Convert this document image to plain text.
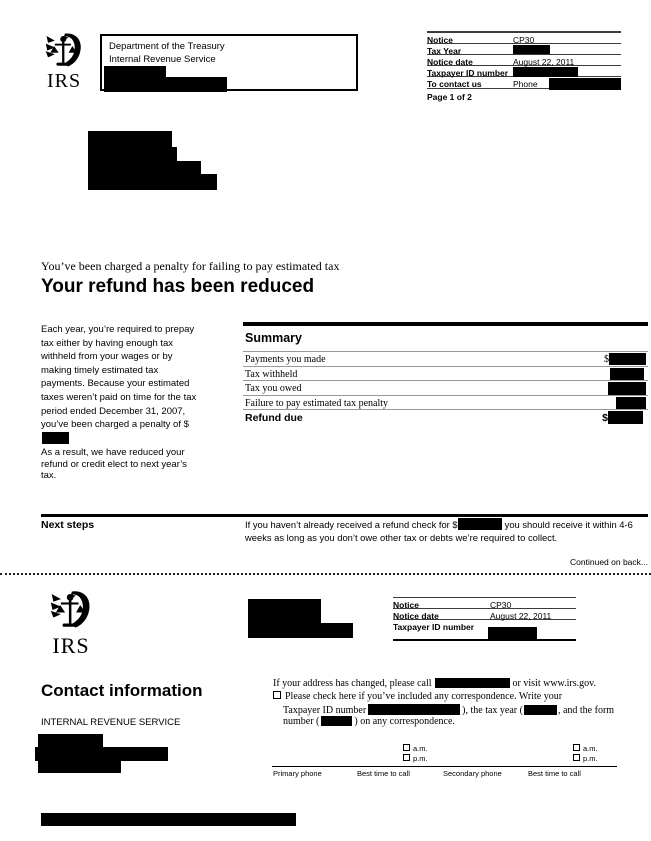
IRS
Department of the Treasury
Internal Revenue Service
Notice	CP30
Tax Year
Notice date	August 22, 2011
Taxpayer ID number
To contact us	Phone
Page 1 of 2
You’ve been charged a penalty for failing to pay estimated tax
Your refund has been reduced
Each year, you’re required to prepay tax either by having enough tax withheld from your wages or by making timely estimated tax payments. Because your estimated taxes weren’t paid on time for the tax period ended December 31, 2007, you’ve been charged a penalty of $
As a result, we have reduced your refund or credit elect to next year’s tax.
Summary
Payments you made	$
Tax withheld
Tax you owed
Failure to pay estimated tax penalty
Refund due	$
Next steps	If you haven’t already received a refund check for $	you should receive it within 4-6 weeks as long as you don’t owe other tax or debts we’re required to collect.
Continued on back...
IRS
Notice	CP30
Notice date	August 22, 2011
Taxpayer ID number
Contact information
INTERNAL REVENUE SERVICE
If your address has changed, please call	or visit www.irs.gov.
Please check here if you’ve included any correspondence. Write your
Taxpayer ID number	), the tax year (	, and the form
number (	) on any correspondence.
a.m.
p.m.
a.m.
p.m.
Primary phone	Best time to call	Secondary phone	Best time to call
